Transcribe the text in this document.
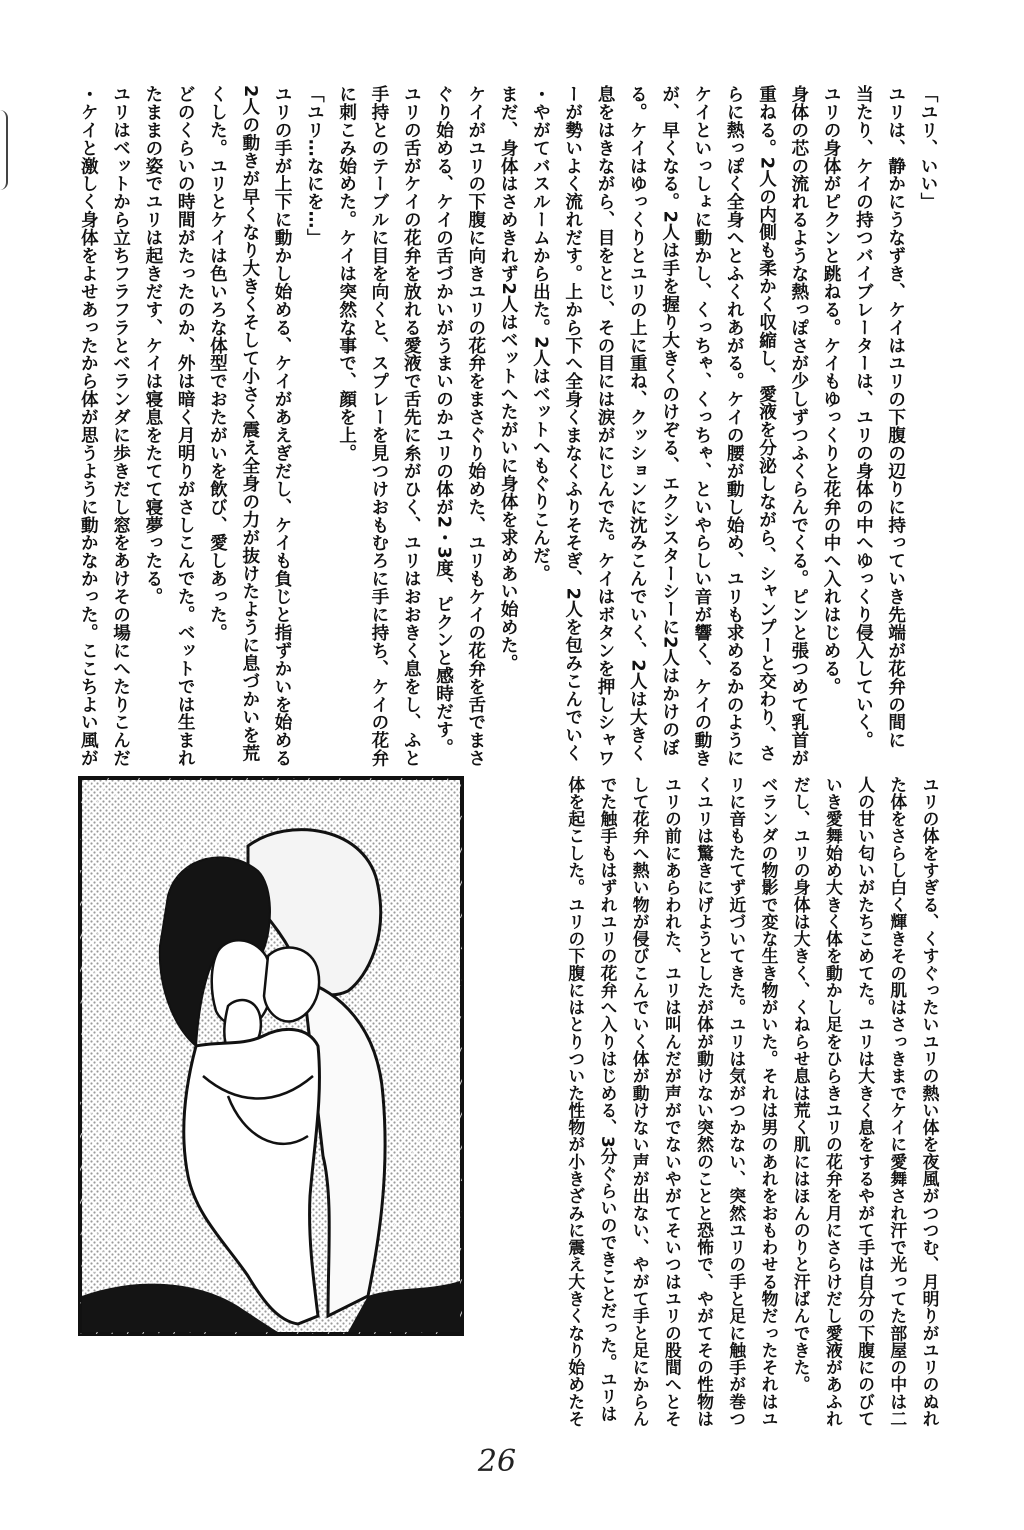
「ユリ、いい」
ユリは、静かにうなずき、ケイはユリの下腹の辺りに持っていき先端が花弁の間に
当たり、ケイの持つバイブレーターは、ユリの身体の中へゆっくり侵入していく。
ユリの身体がピクンと跳ねる。ケイもゆっくりと花弁の中へ入れはじめる。
身体の芯の流れるような熱っぽさが少しずつふくらんでくる。ピンと張つめて乳首が
重ねる。2人の内側も柔かく収縮し、愛液を分泌しながら、シャンプーと交わり、さ
らに熱っぽく全身へとふくれあがる。ケイの腰が動し始め、ユリも求めるかのように
ケイといっしょに動かし、くっちゃ、くっちゃ、といやらしい音が響く、ケイの動き
が、早くなる。2人は手を握り大きくのけぞる、エクシスターシーに2人はかけのぼ
る。ケイはゆっくりとユリの上に重ね、クッションに沈みこんでいく、2人は大きく
息をはきながら、目をとじ、その目には涙がにじんでた。ケイはボタンを押しシャワ
ーが勢いよく流れだす。上から下へ全身くまなくふりそそぎ、2人を包みこんでいく
・やがてバスルームから出た。2人はベットへもぐりこんだ。
まだ、身体はさめきれず2人はベットへたがいに身体を求めあい始めた。
ケイがユリの下腹に向きユリの花弁をまさぐり始めた、ユリもケイの花弁を舌でまさ
ぐり始める、ケイの舌づかいがうまいのかユリの体が2・3度、ピクンと感時だす。
ユリの舌がケイの花弁を放れる愛液で舌先に糸がひく、ユリはおおきく息をし、ふと
手持とのテーブルに目を向くと、スプレーを見つけおもむろに手に持ち、ケイの花弁
に刺こみ始めた。ケイは突然な事で、顔を上。
「ユリ…なにを…」
ユリの手が上下に動かし始める、ケイがあえぎだし、ケイも負じと指ずかいを始める
2人の動きが早くなり大きくそして小さく震え全身の力が抜けたように息づかいを荒
くした。ユリとケイは色いろな体型でおたがいを飲び、愛しあった。
どのくらいの時間がたったのか、外は暗く月明りがさしこんでた。ベットでは生まれ
たままの姿でユリは起きだす、ケイは寝息をたてて寝夢ったる。
ユリはベットから立ちフラフラとベランダに歩きだし窓をあけその場にへたりこんだ
・ケイと激しく身体をよせあったから体が思うように動かなかった。ここちよい風が
ユリの体をすぎる、くすぐったいユリの熱い体を夜風がつつむ、月明りがユリのぬれ
た体をさらし白く輝きその肌はさっきまでケイに愛舞され汗で光ってた部屋の中は二
人の甘い匂いがたちこめてた。ユリは大きく息をするやがて手は自分の下腹にのびて
いき愛舞始め大きく体を動かし足をひらきユリの花弁を月にさらけだし愛液があふれ
だし、ユリの身体は大きく、くねらせ息は荒く肌にはほんのりと汗ばんできた。
ベランダの物影で変な生き物がいた。それは男のあれをおもわせる物だったそれはユ
リに音もたてず近づいてきた。ユリは気がつかない、突然ユリの手と足に触手が巻つ
くユリは驚きにげようとしたが体が動けない突然のことと恐怖で、やがてその性物は
ユリの前にあらわれた、ユリは叫んだが声がでないやがてそいつはユリの股間へとそ
して花弁へ熱い物が侵びこんでいく体が動けない声が出ない、やがて手と足にからん
でた触手もはずれユリの花弁へ入りはじめる、3分ぐらいのできことだった。ユリは
体を起こした。ユリの下腹にはとりついた性物が小きざみに震え大きくなり始めたそ
26
